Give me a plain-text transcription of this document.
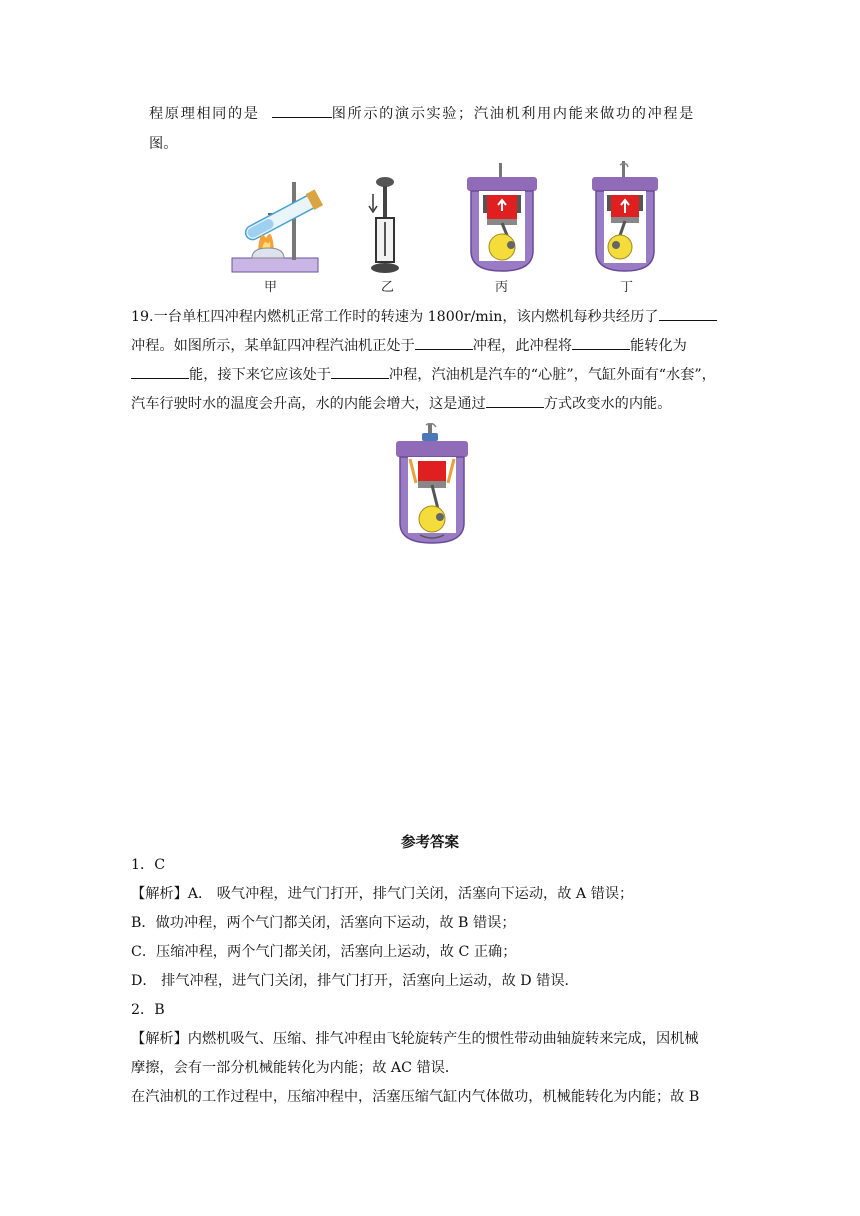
程原理相同的是	图所示的演示实验；汽油机利用内能来做功的冲程是

图。

甲	乙	丙	丁

19.一台单杠四冲程内燃机正常工作时的转速为 1800r/min，该内燃机每秒共经历了

冲程。如图所示，某单缸四冲程汽油机正处于	冲程，此冲程将	能转化为

能，接下来它应该处于	冲程，汽油机是汽车的“心脏”，气缸外面有“水套”，

汽车行驶时水的温度会升高，水的内能会增大，这是通过	方式改变水的内能。

参考答案

1．C

【解析】A． 吸气冲程，进气门打开，排气门关闭，活塞向下运动，故 A 错误；

B．做功冲程，两个气门都关闭，活塞向下运动，故 B 错误；

C．压缩冲程，两个气门都关闭，活塞向上运动，故 C 正确；

D． 排气冲程，进气门关闭，排气门打开，活塞向上运动，故 D 错误．

2．B

【解析】内燃机吸气、压缩、排气冲程由飞轮旋转产生的惯性带动曲轴旋转来完成，因机械

摩擦，会有一部分机械能转化为内能；故 AC 错误．

在汽油机的工作过程中，压缩冲程中，活塞压缩气缸内气体做功，机械能转化为内能；故 B
